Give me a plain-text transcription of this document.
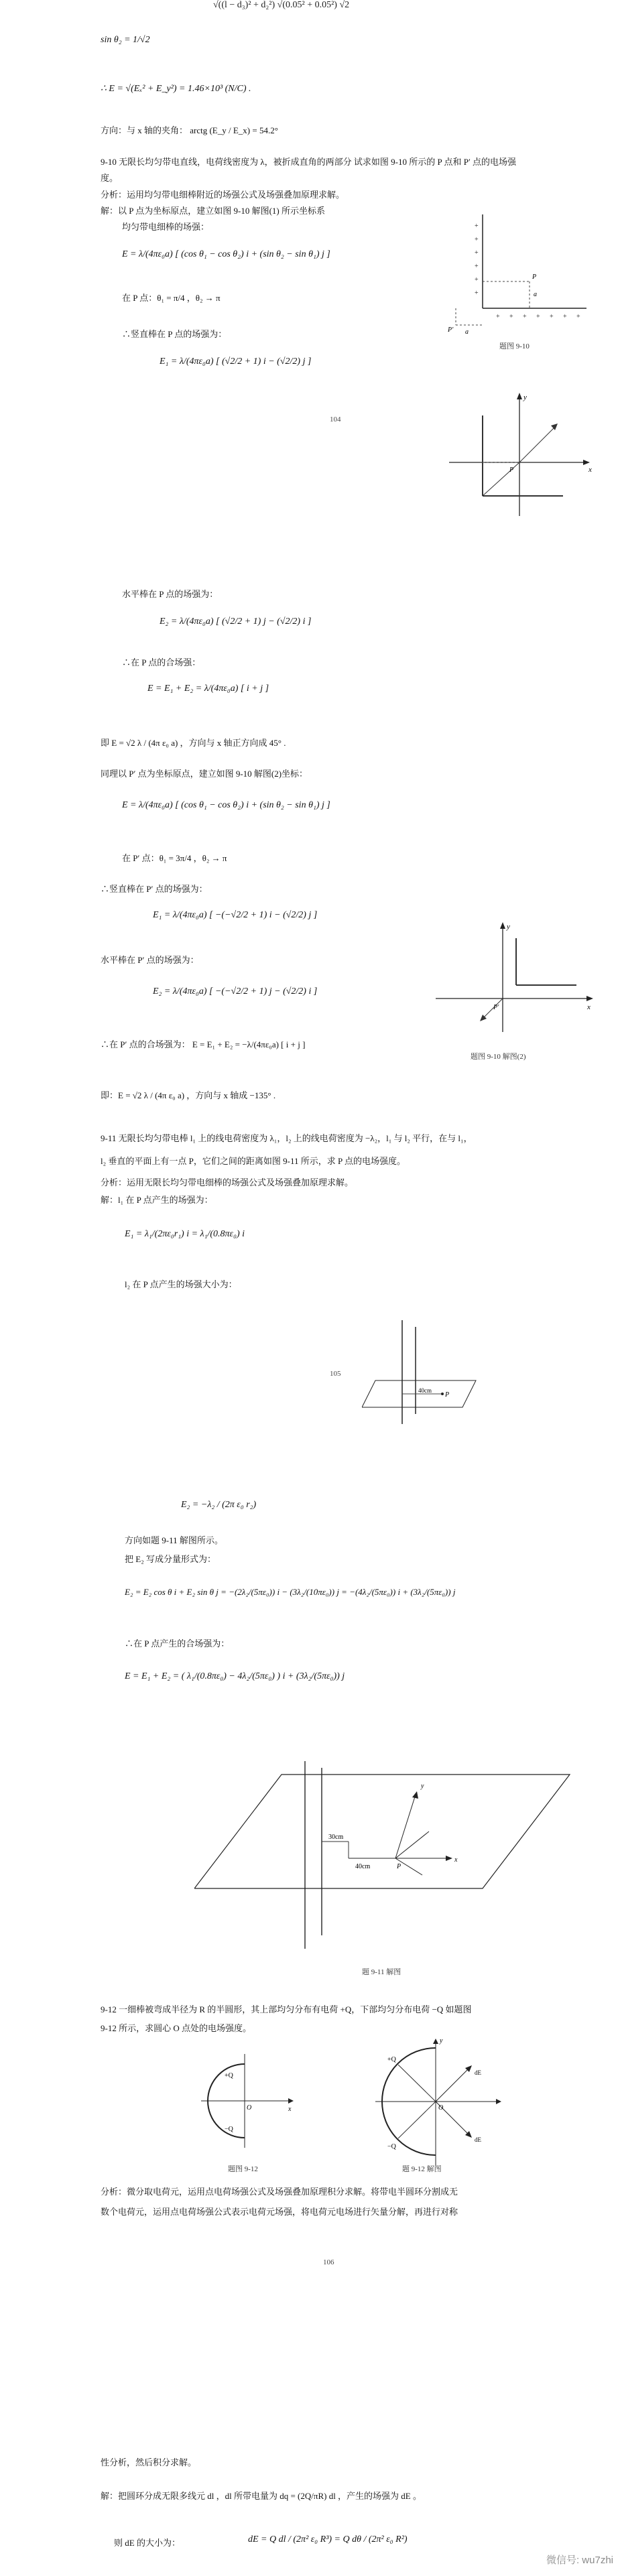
√((l − d₃)² + d₂²) √(0.05² + 0.05²) √2
sin θ₂ = 1/√2
∴ E = √(Eₓ² + E_y²) = 1.46×10³ (N/C) .
方向：与 x 轴的夹角： arctg (E_y / E_x) = 54.2°
9-10 无限长均匀带电直线，电荷线密度为 λ，被折成直角的两部分 试求如图 9-10 所示的 P 点和 P′ 点的电场强度。
分析：运用均匀带电细棒附近的场强公式及场强叠加原理求解。
解：以 P 点为坐标原点，建立如图 9-10 解图(1) 所示坐标系
均匀带电细棒的场强：
E = λ/(4πε₀a) [ (cos θ₁ − cos θ₂) i + (sin θ₂ − sin θ₁) j ]
在 P 点：θ₁ = π/4 ，θ₂ → π
∴竖直棒在 P 点的场强为：
E₁ = λ/(4πε₀a) [ (√2/2 + 1) i − (√2/2) j ]
104
+
+
+
+
+
+
+ + + + + + +
P
P′
a
a
题图 9-10
y
x
P
水平棒在 P 点的场强为：
E₂ = λ/(4πε₀a) [ (√2/2 + 1) j − (√2/2) i ]
∴在 P 点的合场强：
E = E₁ + E₂ = λ/(4πε₀a) [ i + j ]
即 E = √2 λ / (4π ε₀ a) ，方向与 x 轴正方向成 45° .
同理以 P′ 点为坐标原点，建立如图 9-10 解图(2)坐标：
E = λ/(4πε₀a) [ (cos θ₁ − cos θ₂) i + (sin θ₂ − sin θ₁) j ]
在 P′ 点：θ₁ = 3π/4 ，θ₂ → π
∴竖直棒在 P′ 点的场强为：
E₁ = λ/(4πε₀a) [ −(−√2/2 + 1) i − (√2/2) j ]
水平棒在 P′ 点的场强为：
E₂ = λ/(4πε₀a) [ −(−√2/2 + 1) j − (√2/2) i ]
∴在 P′ 点的合场强为： E = E₁ + E₂ = −λ/(4πε₀a) [ i + j ]
即：E = √2 λ / (4π ε₀ a) ，方向与 x 轴成 −135° .
y
x
P′
题图 9-10 解图(2)
9-11 无限长均匀带电棒 l₁ 上的线电荷密度为 λ₁，l₂ 上的线电荷密度为 −λ₂，l₁ 与 l₂ 平行，在与 l₁，
l₂ 垂直的平面上有一点 P，它们之间的距离如图 9-11 所示，求 P 点的电场强度。
分析：运用无限长均匀带电细棒的场强公式及场强叠加原理求解。
解：l₁ 在 P 点产生的场强为：
E₁ = λ₁/(2πε₀r₁) i = λ₁/(0.8πε₀) i
l₂ 在 P 点产生的场强大小为：
105
P
40cm
E₂ = −λ₂ / (2π ε₀ r₂)
方向如题 9-11 解图所示。
把 E₂ 写成分量形式为：
E₂ = E₂ cos θ i + E₂ sin θ j = −(2λ₂/(5πε₀)) i − (3λ₂/(10πε₀)) j = −(4λ₂/(5πε₀)) i + (3λ₂/(5πε₀)) j
∴在 P 点产生的合场强为：
E = E₁ + E₂ = ( λ₁/(0.8πε₀) − 4λ₂/(5πε₀) ) i + (3λ₂/(5πε₀)) j
30cm
40cm
y
x
P
题 9-11 解图
9-12 一细棒被弯成半径为 R 的半圆形，其上部均匀分布有电荷 +Q，下部均匀分布电荷 −Q 如题图
9-12 所示，求圆心 O 点处的电场强度。
+Q
−Q
O	x
题图 9-12
+Q
−Q
O
dE
dE
y
题 9-12 解图
分析：微分取电荷元，运用点电荷场强公式及场强叠加原理积分求解。将带电半圆环分割成无
数个电荷元，运用点电荷场强公式表示电荷元场强，将电荷元电场进行矢量分解，再进行对称
106
性分析，然后积分求解。
解：把圆环分成无限多线元 dl ，dl 所带电量为 dq = (2Q/πR) dl ，产生的场强为 dE 。
则 dE 的大小为：	dE = Q dl / (2π² ε₀ R³) = Q dθ / (2π² ε₀ R²)
微信号: wu7zhi
